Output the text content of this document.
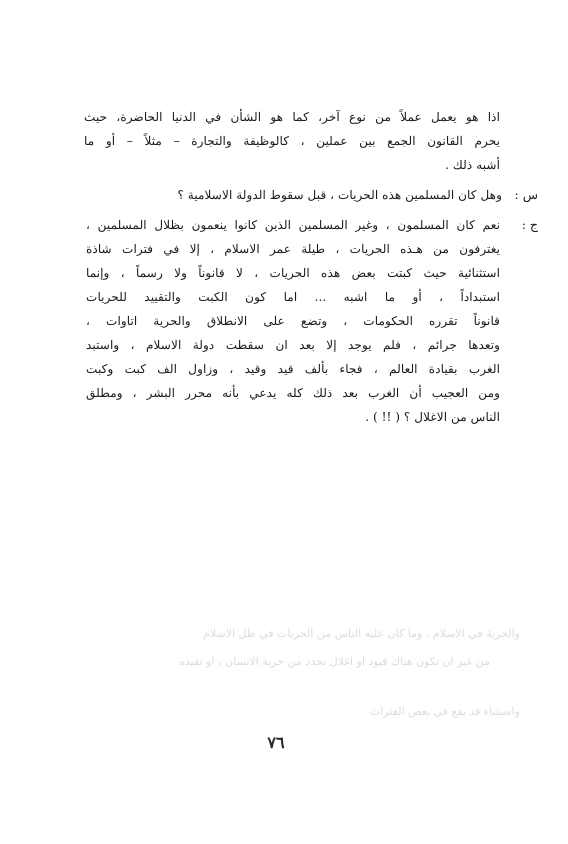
اذا هو يعمل عملاً من نوع آخر، كما هو الشأن في الدنيا الحاضرة، حيث
يحرم القانون الجمع بين عملين ، كالوظيفة والتجارة – مثلاً – أو ما
أشبه ذلك .
س :
وهل كان المسلمين هذه الحريات ، قبل سقوط الدولة الاسلامية ؟
ج :
نعم كان المسلمون ، وغير المسلمين الذين كانوا ينعمون بظلال المسلمين ،
يغترفون من هـذه الحريات ، طيلة عمر الاسلام ، إلا في فترات شاذة
استثنائية حيث كبتت بعض هذه الحريات ، لا قانوناً ولا رسماً ، وإنما
استبداداً ، أو ما اشبه ... اما كون الكبت والتقييد للحريات
قانوناً تقرره الحكومات ، وتضع على الانطلاق والحرية اتاوات ،
وتعدها جرائم ، فلم يوجد إلا بعد ان سقطت دولة الاسلام ، واستبد
الغرب بقيادة العالم ، فجاء بألف قيد وقيد ، وزاول الف كبت وكبت
ومن العجيب أن الغرب بعد ذلك كله يدعي بأنه محرر البشر ، ومطلق
الناس من الاغلال ؟ ( !! ) .
والحرية في الاسلام ، وما كان عليه الناس من الحريات في ظل الاسلام
من غير ان تكون هناك قيود او اغلال تحدد من حرية الانسان ، او تقيده
واستثناء قد يقع في بعض الفترات
٧٦
